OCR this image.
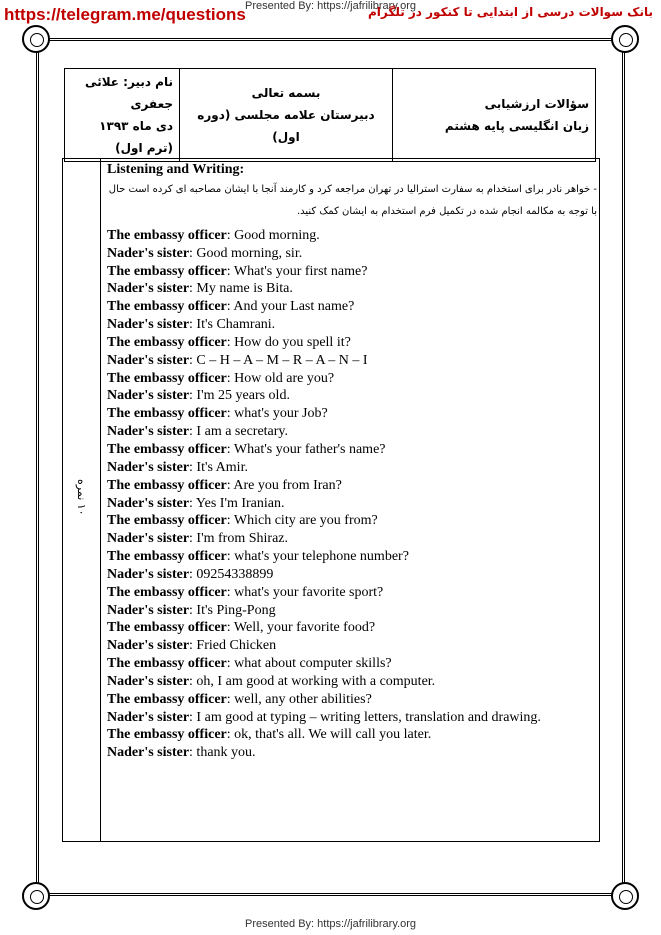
Presented By: https://jafrilibrary.org
https://telegram.me/questions	بانک سوالات درسی از ابتدایی تا کنکور در تلگرام
سؤالات ارزشیابی
زبان انگلیسی پایه هشتم

بسمه تعالی
دبیرستان علامه مجلسی (دوره اول)

نام دبیر: علائی جعفری
دی ماه ۱۳۹۳ (ترم اول)
۱۰ نمره
Listening and Writing:
- خواهر نادر برای استخدام به سفارت استرالیا در تهران مراجعه کرد و کارمند آنجا با ایشان مصاحبه ای کرده است حال با توجه به مکالمه انجام شده در تکمیل فرم استخدام به ایشان کمک کنید.
The embassy officer: Good morning.
Nader's sister: Good morning, sir.
The embassy officer: What's your first name?
Nader's sister: My name is Bita.
The embassy officer: And your Last name?
Nader's sister: It's Chamrani.
The embassy officer: How do you spell it?
Nader's sister: C – H – A – M – R – A – N – I
The embassy officer: How old are you?
Nader's sister: I'm 25 years old.
The embassy officer: what's your Job?
Nader's sister: I am a secretary.
The embassy officer: What's your father's name?
Nader's sister: It's Amir.
The embassy officer: Are you from Iran?
Nader's sister: Yes I'm Iranian.
The embassy officer: Which city are you from?
Nader's sister: I'm from Shiraz.
The embassy officer: what's your telephone number?
Nader's sister: 09254338899
The embassy officer: what's your favorite sport?
Nader's sister: It's Ping-Pong
The embassy officer: Well, your favorite food?
Nader's sister: Fried Chicken
The embassy officer: what about computer skills?
Nader's sister: oh, I am good at working with a computer.
The embassy officer: well, any other abilities?
Nader's sister: I am good at typing – writing letters, translation and drawing.
The embassy officer: ok, that's all. We will call you later.
Nader's sister: thank you.
Presented By: https://jafrilibrary.org
